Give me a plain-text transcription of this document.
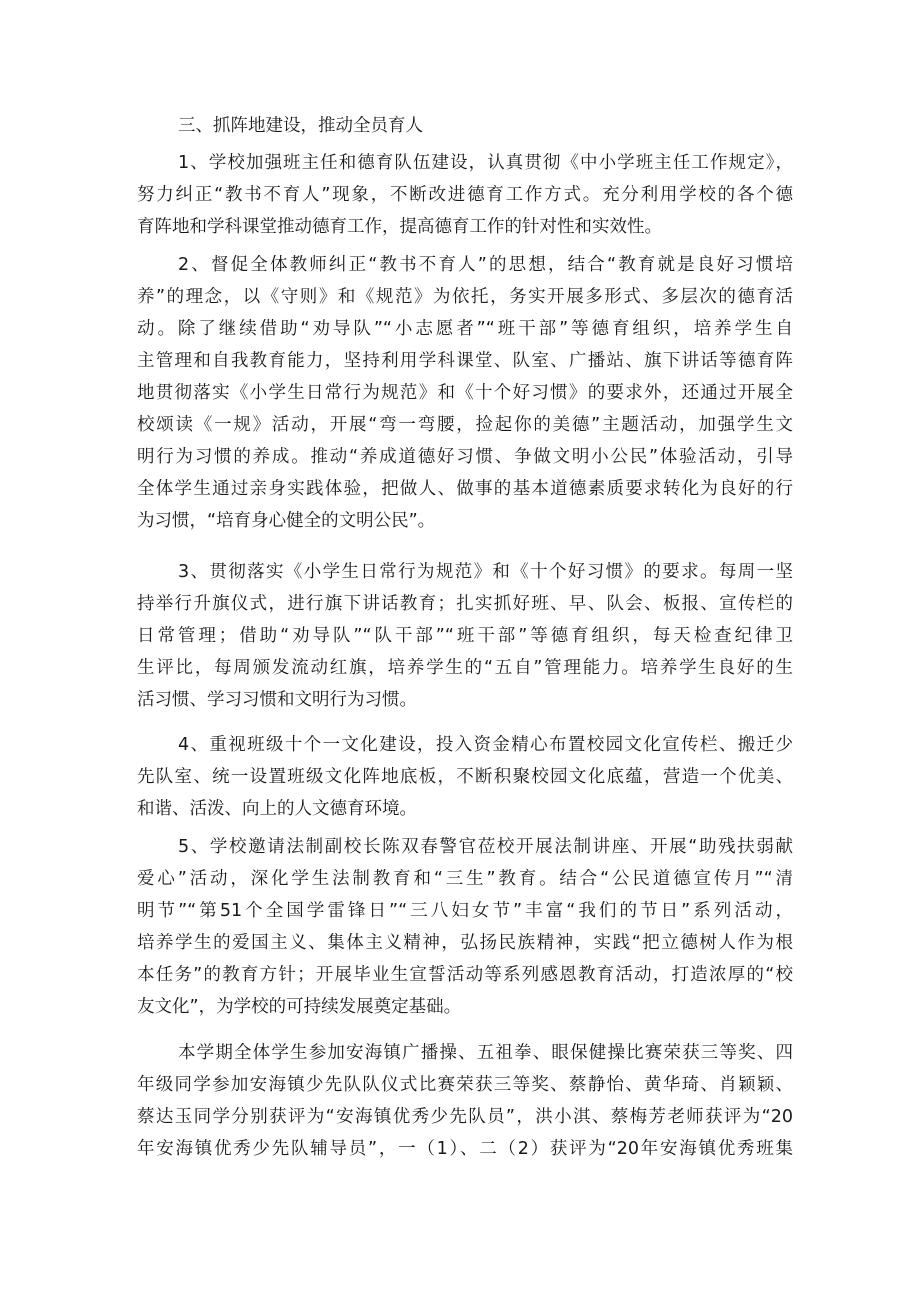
三、抓阵地建设，推动全员育人
1、学校加强班主任和德育队伍建设，认真贯彻《中小学班主任工作规定》，
努力纠正“教书不育人”现象，不断改进德育工作方式。充分利用学校的各个德
育阵地和学科课堂推动德育工作，提高德育工作的针对性和实效性。
2、督促全体教师纠正“教书不育人”的思想，结合“教育就是良好习惯培
养”的理念，以《守则》和《规范》为依托，务实开展多形式、多层次的德育活
动。除了继续借助“劝导队”“小志愿者”“班干部”等德育组织，培养学生自
主管理和自我教育能力，坚持利用学科课堂、队室、广播站、旗下讲话等德育阵
地贯彻落实《小学生日常行为规范》和《十个好习惯》的要求外，还通过开展全
校颂读《一规》活动，开展“弯一弯腰，捡起你的美德”主题活动，加强学生文
明行为习惯的养成。推动“养成道德好习惯、争做文明小公民”体验活动，引导
全体学生通过亲身实践体验，把做人、做事的基本道德素质要求转化为良好的行
为习惯，“培育身心健全的文明公民”。
3、贯彻落实《小学生日常行为规范》和《十个好习惯》的要求。每周一坚
持举行升旗仪式，进行旗下讲话教育；扎实抓好班、早、队会、板报、宣传栏的
日常管理；借助“劝导队”“队干部”“班干部”等德育组织，每天检查纪律卫
生评比，每周颁发流动红旗，培养学生的“五自”管理能力。培养学生良好的生
活习惯、学习习惯和文明行为习惯。
4、重视班级十个一文化建设，投入资金精心布置校园文化宣传栏、搬迁少
先队室、统一设置班级文化阵地底板，不断积聚校园文化底蕴，营造一个优美、
和谐、活泼、向上的人文德育环境。
5、学校邀请法制副校长陈双春警官莅校开展法制讲座、开展“助残扶弱献
爱心”活动，深化学生法制教育和“三生”教育。结合“公民道德宣传月”“清
明节”“第51个全国学雷锋日”“三八妇女节”丰富“我们的节日”系列活动，
培养学生的爱国主义、集体主义精神，弘扬民族精神，实践“把立德树人作为根
本任务”的教育方针；开展毕业生宣誓活动等系列感恩教育活动，打造浓厚的“校
友文化”，为学校的可持续发展奠定基础。
本学期全体学生参加安海镇广播操、五祖拳、眼保健操比赛荣获三等奖、四
年级同学参加安海镇少先队队仪式比赛荣获三等奖、蔡静怡、黄华琦、肖颖颖、
蔡达玉同学分别获评为“安海镇优秀少先队员”，洪小淇、蔡梅芳老师获评为“20
年安海镇优秀少先队辅导员”，一（1）、二（2）获评为“20年安海镇优秀班集
